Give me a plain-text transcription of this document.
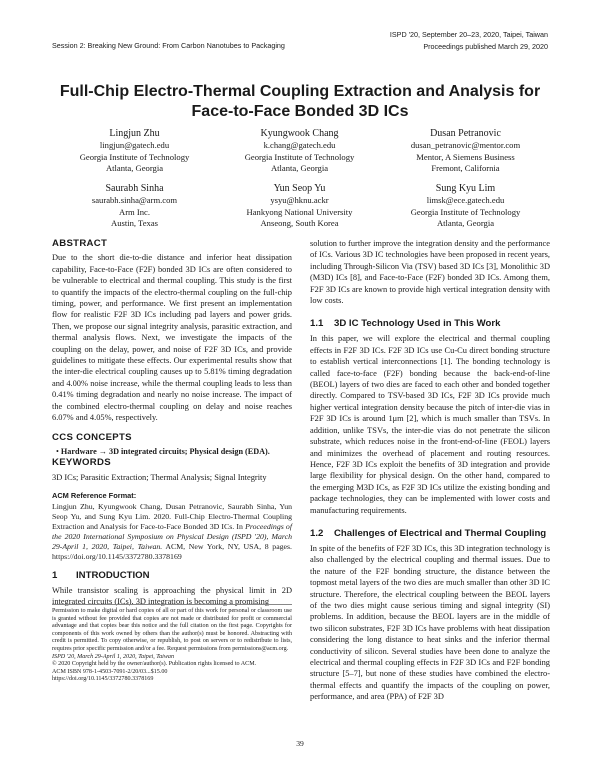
Session 2: Breaking New Ground: From Carbon Nanotubes to Packaging
ISPD '20, September 20–23, 2020, Taipei, Taiwan
Proceedings published March 29, 2020
Full-Chip Electro-Thermal Coupling Extraction and Analysis for
Face-to-Face Bonded 3D ICs
Lingjun Zhu
lingjun@gatech.edu
Georgia Institute of Technology
Atlanta, Georgia
Kyungwook Chang
k.chang@gatech.edu
Georgia Institute of Technology
Atlanta, Georgia
Dusan Petranovic
dusan_petranovic@mentor.com
Mentor, A Siemens Business
Fremont, California
Saurabh Sinha
saurabh.sinha@arm.com
Arm Inc.
Austin, Texas
Yun Seop Yu
ysyu@hknu.ackr
Hankyong National University
Anseong, South Korea
Sung Kyu Lim
limsk@ece.gatech.edu
Georgia Institute of Technology
Atlanta, Georgia
ABSTRACT

Due to the short die-to-die distance and inferior heat dissipation capability, Face-to-Face (F2F) bonded 3D ICs are often considered to be vulnerable to electrical and thermal coupling. This study is the first to quantify the impacts of the electro-thermal coupling on the full-chip timing, power, and performance. We first present an implementation flow for realistic F2F 3D ICs including pad layers and power grids. Then, we propose our signal integrity analysis, parasitic extraction, and thermal analysis flows. Next, we investigate the impacts of the coupling on the delay, power, and noise of F2F 3D ICs, and provide guidelines to mitigate these effects. Our experimental results show that the inter-die electrical coupling causes up to 5.81% timing degradation and 4.00% noise increase, while the thermal coupling leads to less than 0.41% timing degradation and nearly no noise increase. The impact of the combined electro-thermal coupling on delay and noise reaches 6.07% and 4.05%, respectively.

CCS CONCEPTS

• Hardware → 3D integrated circuits; Physical design (EDA).

KEYWORDS

3D ICs; Parasitic Extraction; Thermal Analysis; Signal Integrity

ACM Reference Format:

Lingjun Zhu, Kyungwook Chang, Dusan Petranovic, Saurabh Sinha, Yun Seop Yu, and Sung Kyu Lim. 2020. Full-Chip Electro-Thermal Coupling Extraction and Analysis for Face-to-Face Bonded 3D ICs. In Proceedings of the 2020 International Symposium on Physical Design (ISPD '20), March 29-April 1, 2020, Taipei, Taiwan. ACM, New York, NY, USA, 8 pages. https://doi.org/10.1145/3372780.3378169

1	INTRODUCTION

While transistor scaling is approaching the physical limit in 2D integrated circuits (ICs), 3D integration is becoming a promising

Permission to make digital or hard copies of all or part of this work for personal or classroom use is granted without fee provided that copies are not made or distributed for profit or commercial advantage and that copies bear this notice and the full citation on the first page. Copyrights for components of this work owned by others than the author(s) must be honored. Abstracting with credit is permitted. To copy otherwise, or republish, to post on servers or to redistribute to lists, requires prior specific permission and/or a fee. Request permissions from permissions@acm.org.
ISPD '20, March 29-April 1, 2020, Taipei, Taiwan
© 2020 Copyright held by the owner/author(s). Publication rights licensed to ACM.
ACM ISBN 978-1-4503-7091-2/20/03...$15.00
https://doi.org/10.1145/3372780.3378169

solution to further improve the integration density and the performance of ICs. Various 3D IC technologies have been proposed in recent years, including Through-Silicon Via (TSV) based 3D ICs [3], Monolithic 3D (M3D) ICs [8], and Face-to-Face (F2F) bonded 3D ICs. Among them, F2F 3D ICs are known to provide high vertical integration density with low costs.

1.1	3D IC Technology Used in This Work

In this paper, we will explore the electrical and thermal coupling effects in F2F 3D ICs. F2F 3D ICs use Cu-Cu direct bonding structure to establish vertical interconnections [1]. The bonding technology is called face-to-face (F2F) bonding because the back-end-of-line (BEOL) layers of two dies are faced to each other and bonded together directly. Compared to TSV-based 3D ICs, F2F 3D ICs provide much higher vertical integration density because the pitch of inter-die vias in F2F 3D ICs is around 1μm [2], which is much smaller than TSVs. In addition, unlike TSVs, the inter-die vias do not penetrate the silicon substrate, which reduces noise in the front-end-of-line (FEOL) layers and minimizes the overhead of placement and routing resources. Hence, F2F 3D ICs exploit the benefits of 3D integration and provide large flexibility for physical design. On the other hand, compared to the emerging M3D ICs, as F2F 3D ICs utilize the existing bonding and package technologies, they can be implemented with lower costs and manufacturing requirements.

1.2	Challenges of Electrical and Thermal Coupling

In spite of the benefits of F2F 3D ICs, this 3D integration technology is also challenged by the electrical coupling and thermal issues. Due to the nature of the F2F bonding structure, the distance between the topmost metal layers of the two dies are much smaller than other 3D IC structure. Therefore, the electrical coupling between the BEOL layers of the two dies might cause serious timing and signal integrity (SI) problems. In addition, because the BEOL layers are in the middle of two silicon substrates, F2F 3D ICs have problems with heat dissipation considering the long distance to heat sinks and the inferior thermal conductivity of silicon. Several studies have been done to analyze the electrical and thermal coupling effects in F2F 3D ICs and F2F bonding structure [5–7], but none of these studies have combined the electro-thermal effects and quantify the impacts of the coupling on power, performance, and area (PPA) of F2F 3D

39
